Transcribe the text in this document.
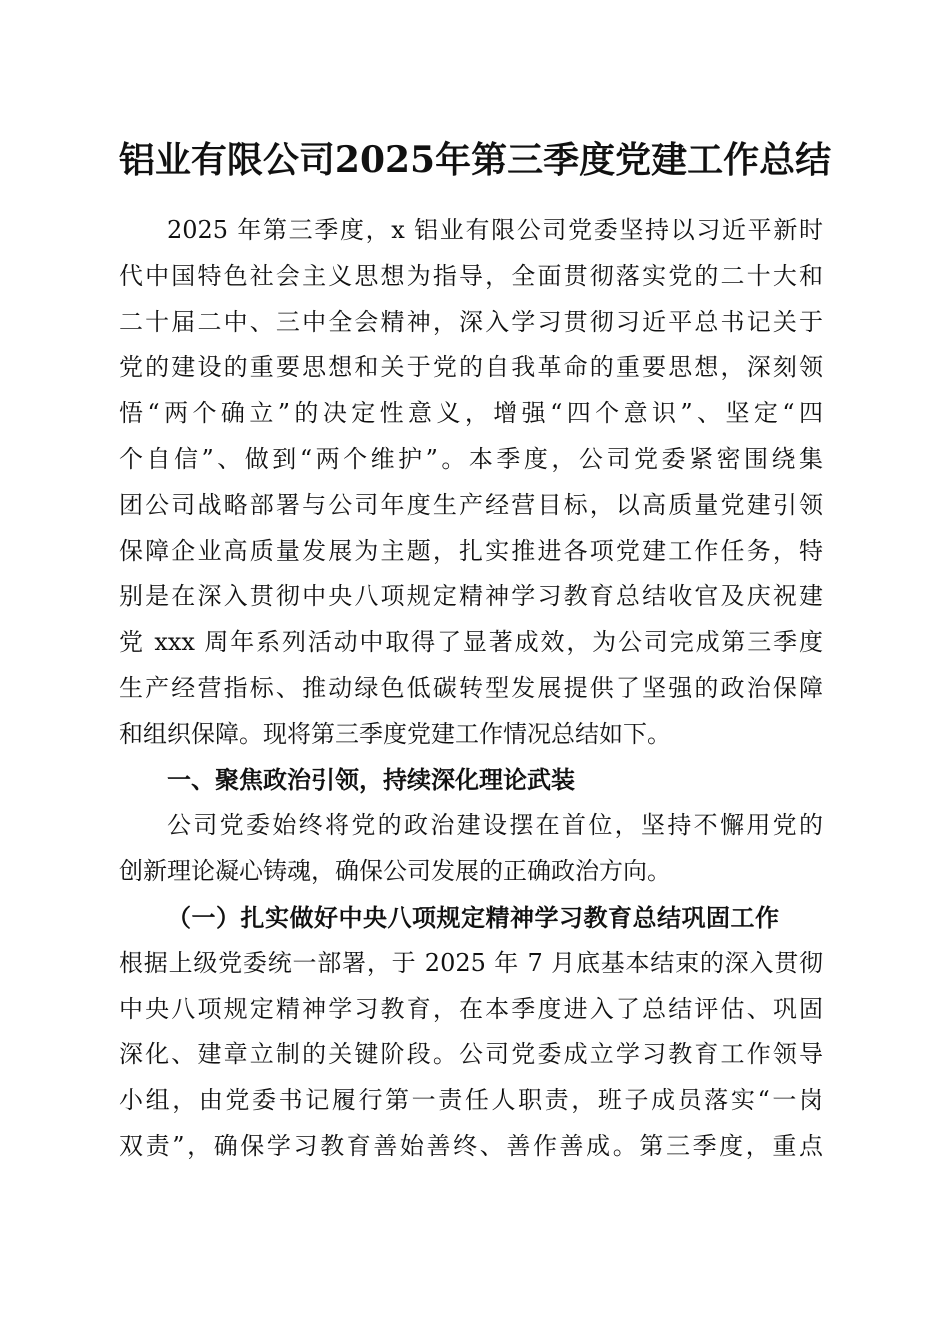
铝业有限公司2025年第三季度党建工作总结
2025 年第三季度，x 铝业有限公司党委坚持以习近平新时
代中国特色社会主义思想为指导，全面贯彻落实党的二十大和
二十届二中、三中全会精神，深入学习贯彻习近平总书记关于
党的建设的重要思想和关于党的自我革命的重要思想，深刻领
悟“两个确立”的决定性意义，增强“四个意识”、坚定“四
个自信”、做到“两个维护”。本季度，公司党委紧密围绕集
团公司战略部署与公司年度生产经营目标，以高质量党建引领
保障企业高质量发展为主题，扎实推进各项党建工作任务，特
别是在深入贯彻中央八项规定精神学习教育总结收官及庆祝建
党 xxx 周年系列活动中取得了显著成效，为公司完成第三季度
生产经营指标、推动绿色低碳转型发展提供了坚强的政治保障
和组织保障。现将第三季度党建工作情况总结如下。
一、聚焦政治引领，持续深化理论武装
公司党委始终将党的政治建设摆在首位，坚持不懈用党的
创新理论凝心铸魂，确保公司发展的正确政治方向。
（一）扎实做好中央八项规定精神学习教育总结巩固工作
根据上级党委统一部署，于 2025 年 7 月底基本结束的深入贯彻
中央八项规定精神学习教育，在本季度进入了总结评估、巩固
深化、建章立制的关键阶段。公司党委成立学习教育工作领导
小组，由党委书记履行第一责任人职责，班子成员落实“一岗
双责”，确保学习教育善始善终、善作善成。第三季度，重点
